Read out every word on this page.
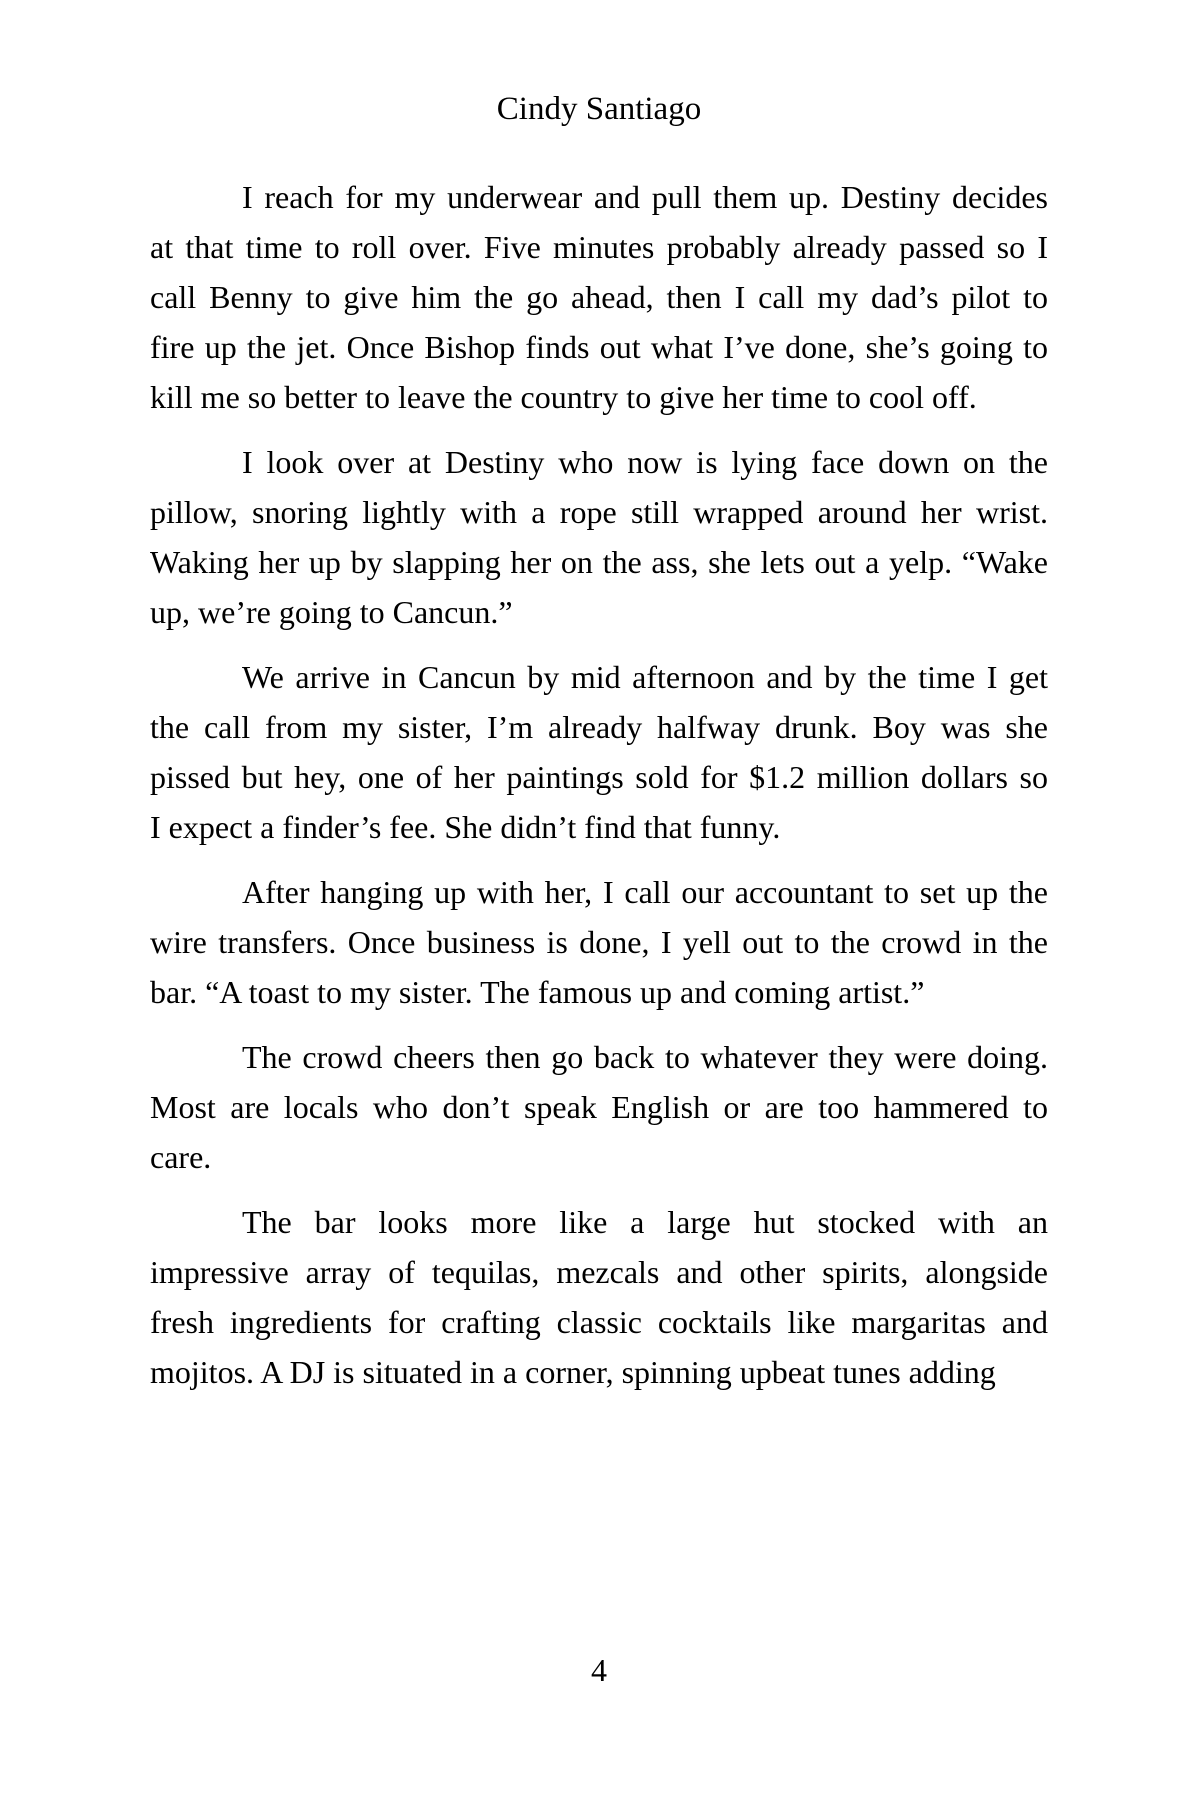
Cindy Santiago
I reach for my underwear and pull them up. Destiny decides
at that time to roll over. Five minutes probably already passed so I
call Benny to give him the go ahead, then I call my dad’s pilot to
fire up the jet. Once Bishop finds out what I’ve done, she’s going to
kill me so better to leave the country to give her time to cool off.
I look over at Destiny who now is lying face down on the
pillow, snoring lightly with a rope still wrapped around her wrist.
Waking her up by slapping her on the ass, she lets out a yelp. “Wake
up, we’re going to Cancun.”
We arrive in Cancun by mid afternoon and by the time I get
the call from my sister, I’m already halfway drunk. Boy was she
pissed but hey, one of her paintings sold for $1.2 million dollars so
I expect a finder’s fee. She didn’t find that funny.
After hanging up with her, I call our accountant to set up the
wire transfers. Once business is done, I yell out to the crowd in the
bar. “A toast to my sister. The famous up and coming artist.”
The crowd cheers then go back to whatever they were doing.
Most are locals who don’t speak English or are too hammered to
care.
The bar looks more like a large hut stocked with an
impressive array of tequilas, mezcals and other spirits, alongside
fresh ingredients for crafting classic cocktails like margaritas and
mojitos. A DJ is situated in a corner, spinning upbeat tunes adding
4
